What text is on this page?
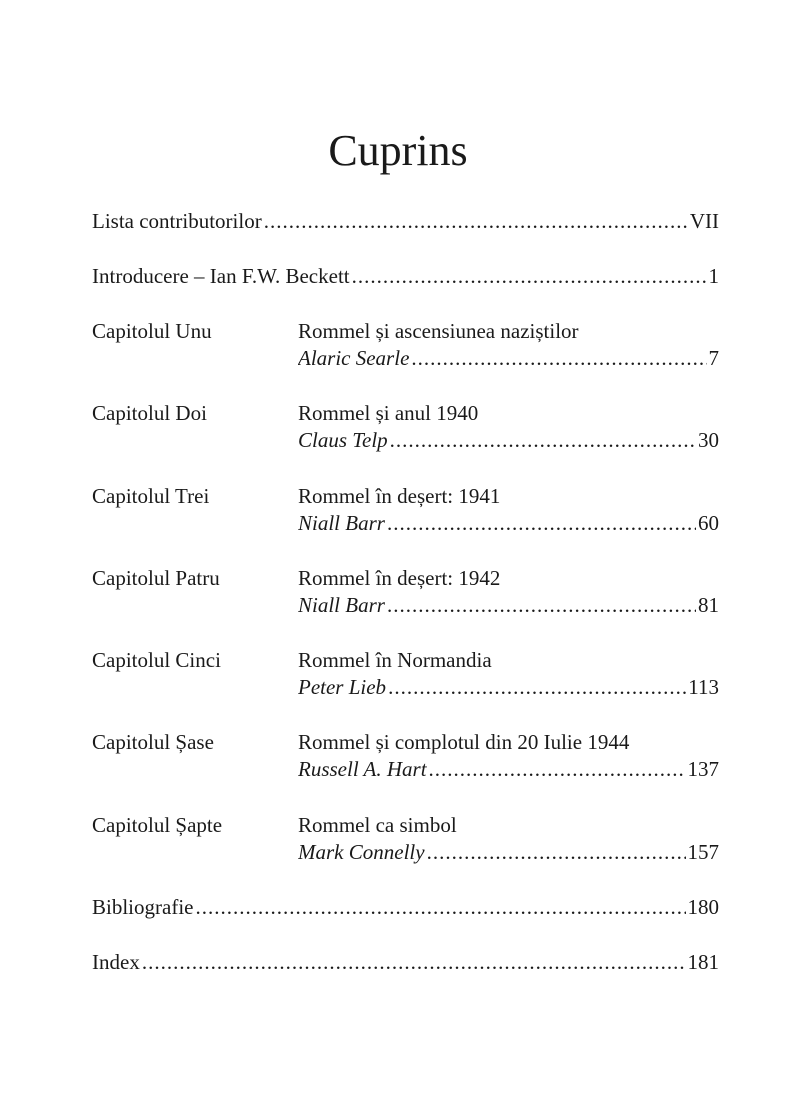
Cuprins
Lista contributorilor .....	VII
Introducere – Ian F.W. Beckett .....	1
Capitolul Unu	Rommel și ascensiunea naziștilor
Alaric Searle .....	7
Capitolul Doi	Rommel și anul 1940
Claus Telp .....	30
Capitolul Trei	Rommel în deșert: 1941
Niall Barr .....	60
Capitolul Patru	Rommel în deșert: 1942
Niall Barr .....	81
Capitolul Cinci	Rommel în Normandia
Peter Lieb .....	113
Capitolul Șase	Rommel și complotul din 20 Iulie 1944
Russell A. Hart .....	137
Capitolul Șapte	Rommel ca simbol
Mark Connelly .....	157
Bibliografie .....	180
Index .....	181
